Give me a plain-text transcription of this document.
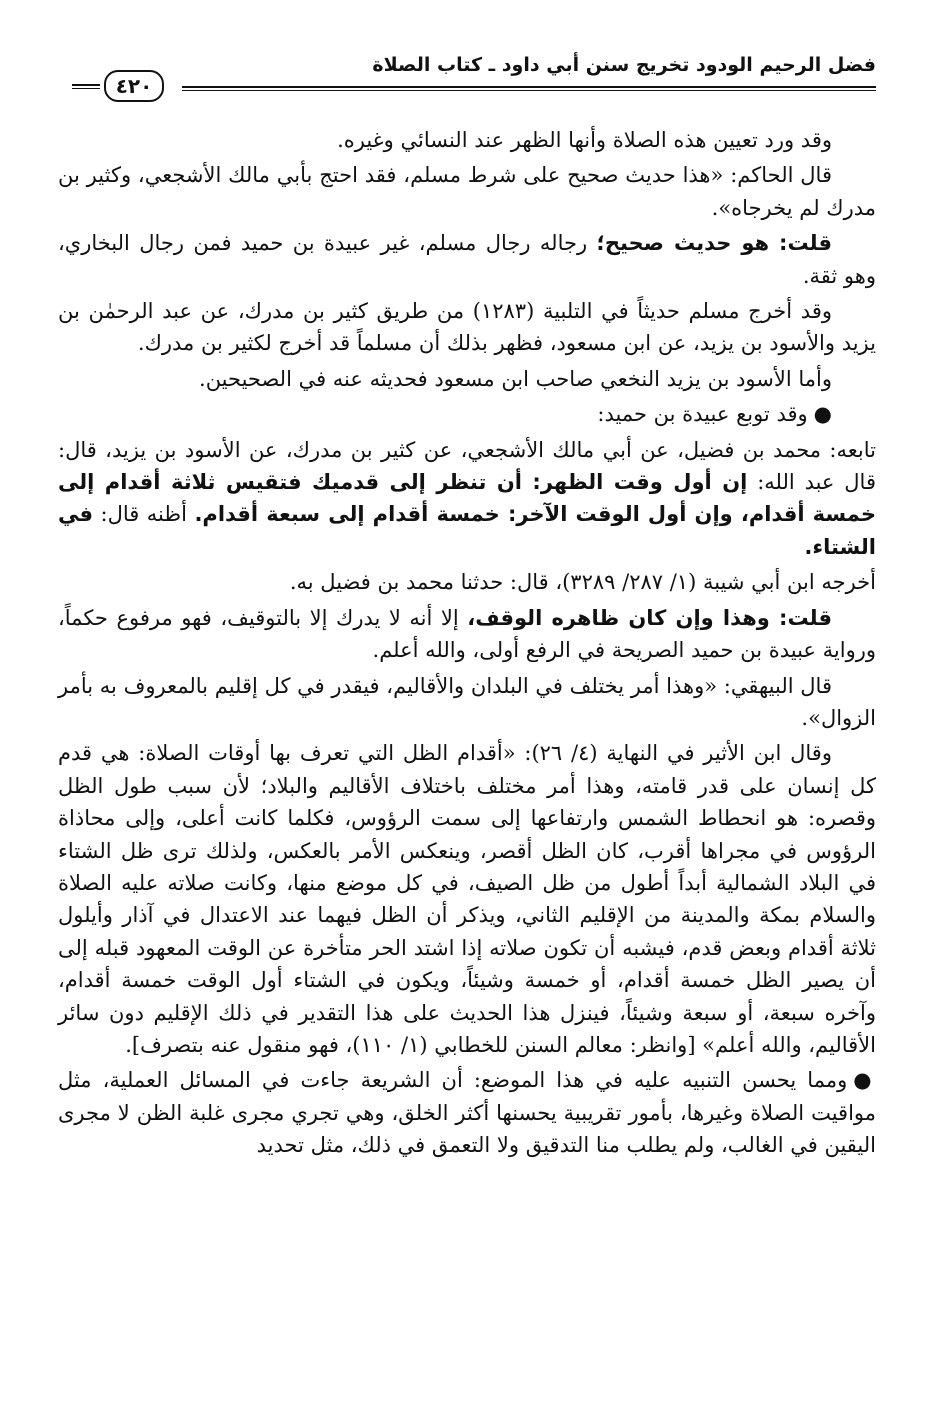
فضل الرحيم الودود تخريج سنن أبي داود ـ كتاب الصلاة
٤٢٠

وقد ورد تعيين هذه الصلاة وأنها الظهر عند النسائي وغيره.

قال الحاكم: «هذا حديث صحيح على شرط مسلم، فقد احتج بأبي مالك الأشجعي، وكثير بن مدرك لم يخرجاه».

قلت: هو حديث صحيح؛ رجاله رجال مسلم، غير عبيدة بن حميد فمن رجال البخاري، وهو ثقة.

وقد أخرج مسلم حديثاً في التلبية (١٢٨٣) من طريق كثير بن مدرك، عن عبد الرحمٰن بن يزيد والأسود بن يزيد، عن ابن مسعود، فظهر بذلك أن مسلماً قد أخرج لكثير بن مدرك.

وأما الأسود بن يزيد النخعي صاحب ابن مسعود فحديثه عنه في الصحيحين.

●وقد توبع عبيدة بن حميد:

تابعه: محمد بن فضيل، عن أبي مالك الأشجعي، عن كثير بن مدرك، عن الأسود بن يزيد، قال: قال عبد الله: إن أول وقت الظهر: أن تنظر إلى قدميك فتقيس ثلاثة أقدام إلى خمسة أقدام، وإن أول الوقت الآخر: خمسة أقدام إلى سبعة أقدام. أظنه قال: في الشتاء.

أخرجه ابن أبي شيبة (١/ ٢٨٧/ ٣٢٨٩)، قال: حدثنا محمد بن فضيل به.

قلت: وهذا وإن كان ظاهره الوقف، إلا أنه لا يدرك إلا بالتوقيف، فهو مرفوع حكماً، ورواية عبيدة بن حميد الصريحة في الرفع أولى، والله أعلم.

قال البيهقي: «وهذا أمر يختلف في البلدان والأقاليم، فيقدر في كل إقليم بالمعروف به بأمر الزوال».

وقال ابن الأثير في النهاية (٤/ ٢٦): «أقدام الظل التي تعرف بها أوقات الصلاة: هي قدم كل إنسان على قدر قامته، وهذا أمر مختلف باختلاف الأقاليم والبلاد؛ لأن سبب طول الظل وقصره: هو انحطاط الشمس وارتفاعها إلى سمت الرؤوس، فكلما كانت أعلى، وإلى محاذاة الرؤوس في مجراها أقرب، كان الظل أقصر، وينعكس الأمر بالعكس، ولذلك ترى ظل الشتاء في البلاد الشمالية أبداً أطول من ظل الصيف، في كل موضع منها، وكانت صلاته عليه الصلاة والسلام بمكة والمدينة من الإقليم الثاني، ويذكر أن الظل فيهما عند الاعتدال في آذار وأيلول ثلاثة أقدام وبعض قدم، فيشبه أن تكون صلاته إذا اشتد الحر متأخرة عن الوقت المعهود قبله إلى أن يصير الظل خمسة أقدام، أو خمسة وشيئاً، ويكون في الشتاء أول الوقت خمسة أقدام، وآخره سبعة، أو سبعة وشيئاً، فينزل هذا الحديث على هذا التقدير في ذلك الإقليم دون سائر الأقاليم، والله أعلم» [وانظر: معالم السنن للخطابي (١/ ١١٠)، فهو منقول عنه بتصرف].

●ومما يحسن التنبيه عليه في هذا الموضع: أن الشريعة جاءت في المسائل العملية، مثل مواقيت الصلاة وغيرها، بأمور تقريبية يحسنها أكثر الخلق، وهي تجري مجرى غلبة الظن لا مجرى اليقين في الغالب، ولم يطلب منا التدقيق ولا التعمق في ذلك، مثل تحديد
